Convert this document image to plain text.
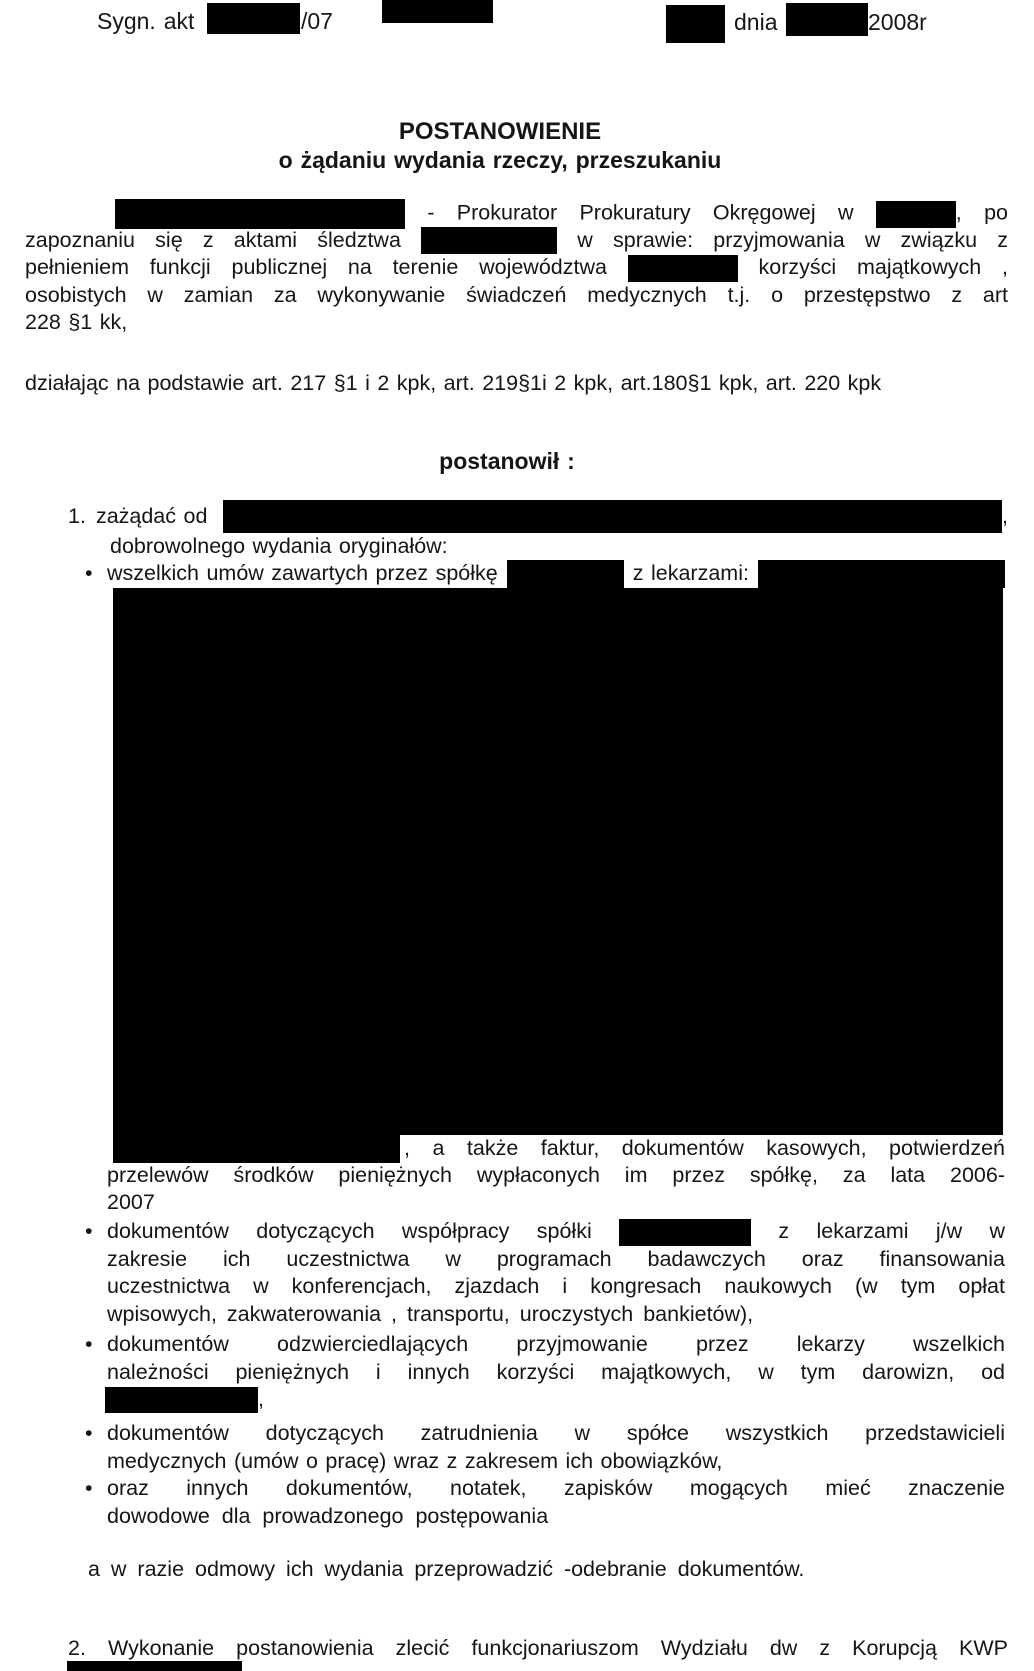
Sygn. akt	/07	dnia	2008r
POSTANOWIENIE
o żądaniu wydania rzeczy, przeszukaniu
- Prokurator Prokuratury Okręgowej w	, po
zapoznaniu się z aktami śledztwa	w sprawie: przyjmowania w związku z
pełnieniem funkcji publicznej na terenie województwa	korzyści majątkowych ,
osobistych w zamian za wykonywanie świadczeń medycznych t.j. o przestępstwo z art
228 §1 kk,
działając na podstawie art. 217 §1 i 2 kpk, art. 219§1i 2 kpk, art.180§1 kpk, art. 220 kpk
postanowił :
1. zażądać od	,
dobrowolnego wydania oryginałów:
• wszelkich umów zawartych przez spółkę	z lekarzami:
, a także faktur, dokumentów kasowych, potwierdzeń
przelewów środków pieniężnych wypłaconych im przez spółkę, za lata 2006-
2007
• dokumentów dotyczących współpracy spółki	z lekarzami j/w w
zakresie ich uczestnictwa w programach badawczych oraz finansowania
uczestnictwa w konferencjach, zjazdach i kongresach naukowych (w tym opłat
wpisowych, zakwaterowania , transportu, uroczystych bankietów),
• dokumentów odzwierciedlających przyjmowanie przez lekarzy wszelkich
należności pieniężnych i innych korzyści majątkowych, w tym darowizn, od
,
• dokumentów dotyczących zatrudnienia w spółce wszystkich przedstawicieli
medycznych (umów o pracę) wraz z zakresem ich obowiązków,
• oraz innych dokumentów, notatek, zapisków mogących mieć znaczenie
dowodowe dla prowadzonego postępowania
a w razie odmowy ich wydania przeprowadzić -odebranie dokumentów.
2. Wykonanie postanowienia zlecić funkcjonariuszom Wydziału dw z Korupcją KWP
